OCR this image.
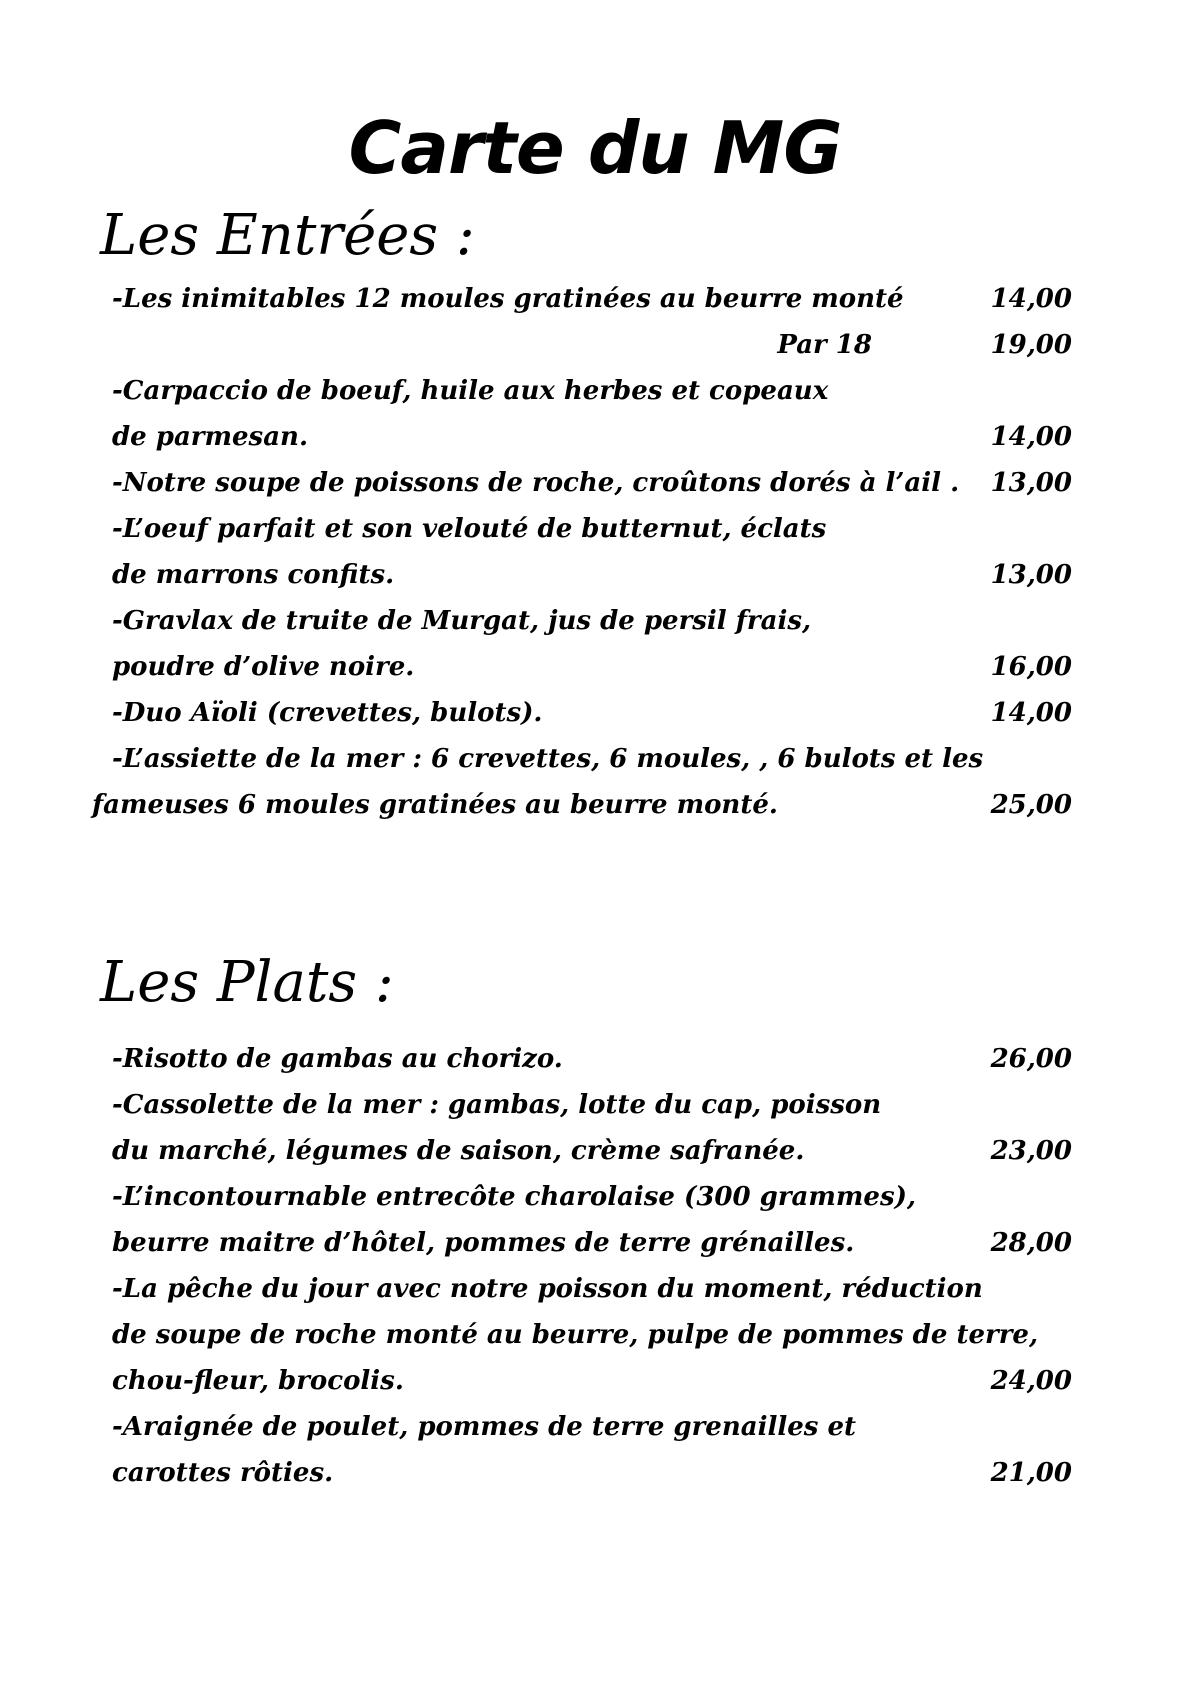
Carte du MG
Les Entrées :
-Les inimitables 12 moules gratinées au beurre monté	14,00
Par 18	19,00
-Carpaccio de boeuf, huile aux herbes et copeaux
de parmesan.	14,00
-Notre soupe de poissons de roche, croûtons dorés à l’ail .	13,00
-L’oeuf parfait et son velouté de butternut, éclats
de marrons confits.	13,00
-Gravlax de truite de Murgat, jus de persil frais,
poudre d’olive noire.	16,00
-Duo Aïoli (crevettes, bulots).	14,00
-L’assiette de la mer : 6 crevettes, 6 moules, , 6 bulots et les
fameuses 6 moules gratinées au beurre monté.	25,00
Les Plats :
-Risotto de gambas au chorizo.	26,00
-Cassolette de la mer : gambas, lotte du cap, poisson
du marché, légumes de saison, crème safranée.	23,00
-L’incontournable entrecôte charolaise (300 grammes),
beurre maitre d’hôtel, pommes de terre grénailles.	28,00
-La pêche du jour avec notre poisson du moment, réduction
de soupe de roche monté au beurre, pulpe de pommes de terre,
chou-fleur, brocolis.	24,00
-Araignée de poulet, pommes de terre grenailles et
carottes rôties.	21,00
